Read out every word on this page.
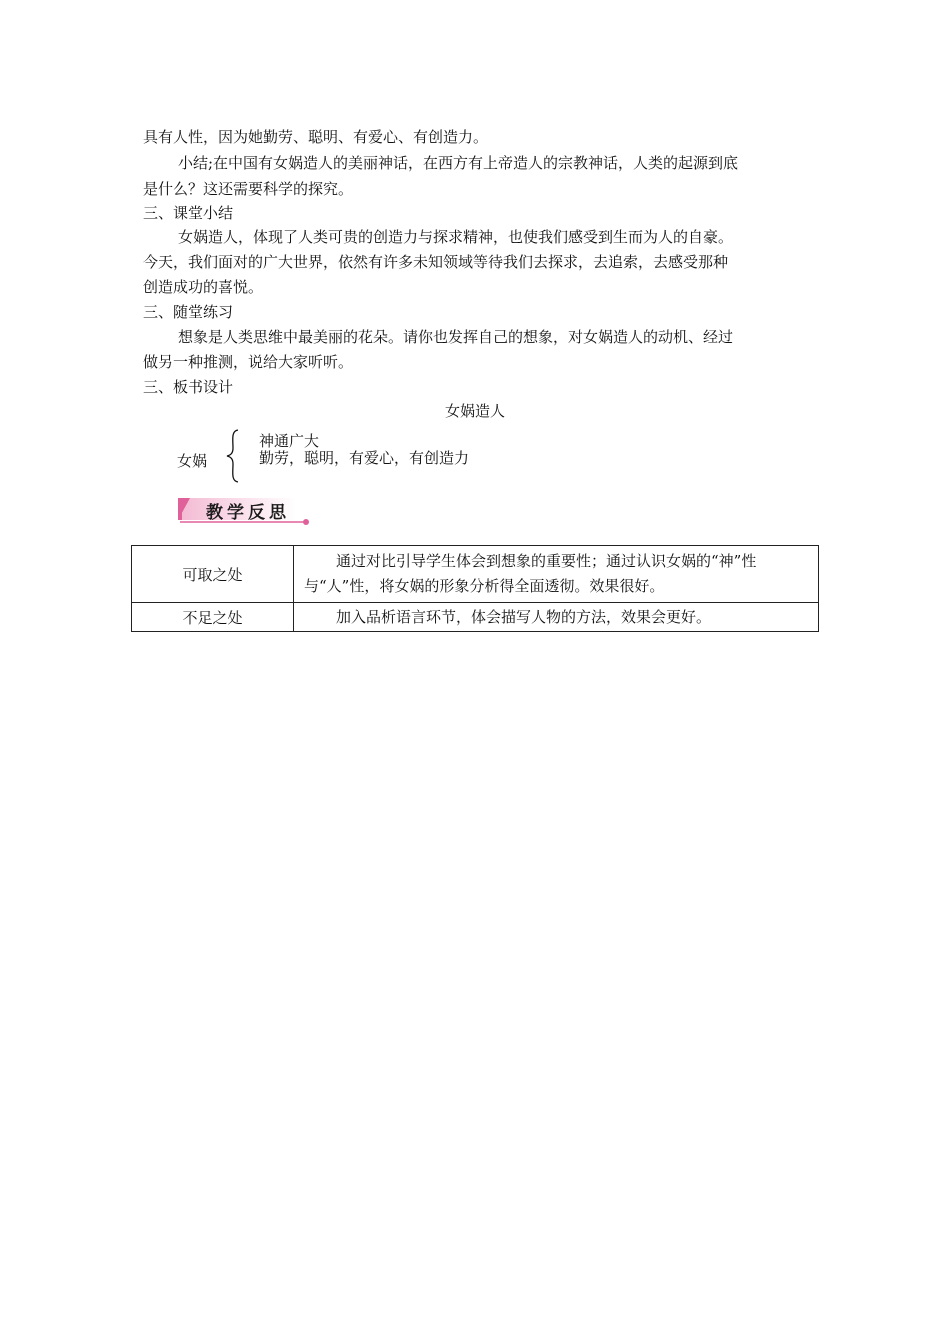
具有人性，因为她勤劳、聪明、有爱心、有创造力。
小结;在中国有女娲造人的美丽神话，在西方有上帝造人的宗教神话，人类的起源到底
是什么？这还需要科学的探究。
三、课堂小结
女娲造人，体现了人类可贵的创造力与探求精神，也使我们感受到生而为人的自豪。
今天，我们面对的广大世界，依然有许多未知领域等待我们去探求，去追索，去感受那种
创造成功的喜悦。
三、随堂练习
想象是人类思维中最美丽的花朵。请你也发挥自己的想象，对女娲造人的动机、经过
做另一种推测，说给大家听听。
三、板书设计
女娲造人
女娲
神通广大
勤劳，聪明，有爱心，有创造力
教学反思
可取之处	通过对比引导学生体会到想象的重要性；通过认识女娲的“神”性与“人”性，将女娲的形象分析得全面透彻。效果很好。

不足之处	加入品析语言环节，体会描写人物的方法，效果会更好。
